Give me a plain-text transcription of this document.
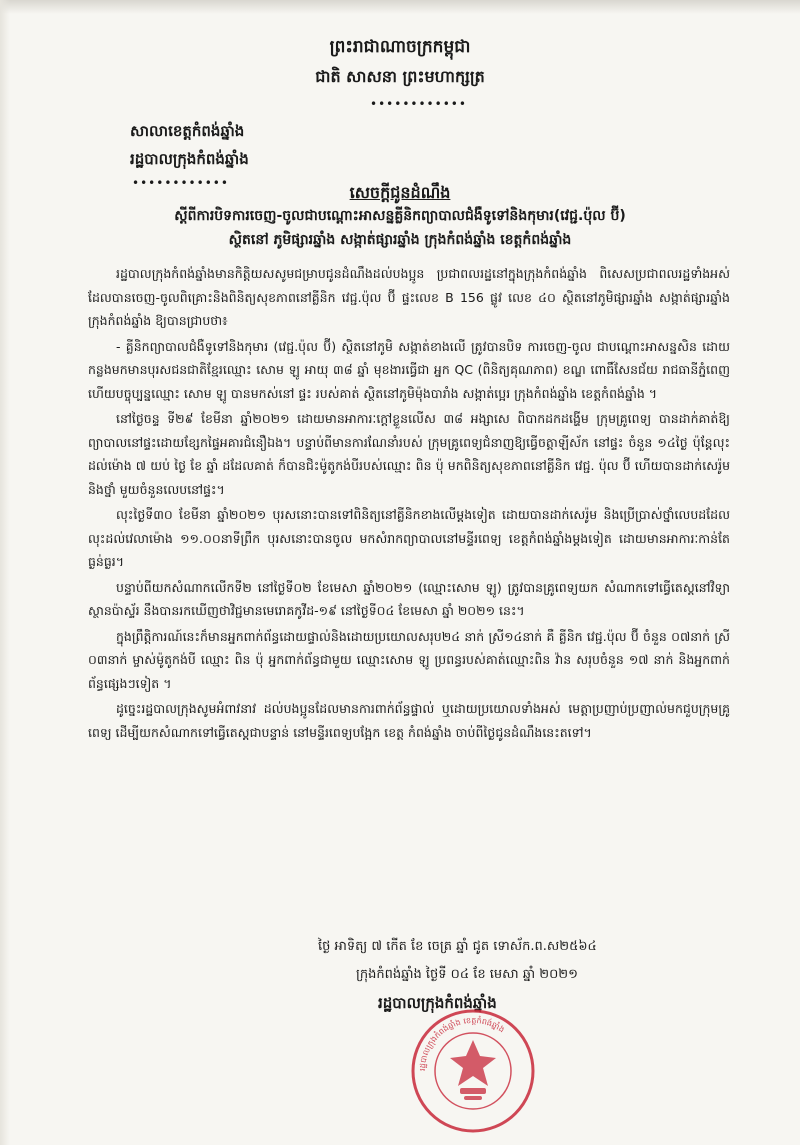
ព្រះរាជាណាចក្រកម្ពុជា
ជាតិ សាសនា ព្រះមហាក្សត្រ
••••••••••••
សាលាខេត្តកំពង់ឆ្នាំង
រដ្ឋបាលក្រុងកំពង់ឆ្នាំង
••••••••••••	សេចក្តីជូនដំណឹង
ស្តីពីការបិទការចេញ-ចូលជាបណ្ដោះអាសន្នគ្លីនិកព្យាបាលជំងឺទូទៅនិងកុមារ(វេជ្ជ.ប៉ុល ប៊ី)
ស្ថិតនៅ ភូមិផ្សារឆ្នាំង សង្កាត់ផ្សារឆ្នាំង ក្រុងកំពង់ឆ្នាំង ខេត្តកំពង់ឆ្នាំង

រដ្ឋបាលក្រុងកំពង់ឆ្នាំងមានកិត្តិយសសូមជម្រាបជូនដំណឹងដល់បងប្អូន ប្រជាពលរដ្ឋនៅក្នុងក្រុងកំពង់ឆ្នាំង ពិសេសប្រជាពលរដ្ឋទាំងអស់ ដែលបានចេញ-ចូលពិគ្រោះនិងពិនិត្យសុខភាពនៅគ្លីនិក វេជ្ជ.ប៉ុល ប៊ី ផ្ទះលេខ B 156 ផ្លូវ លេខ ៤០ ស្ថិតនៅភូមិផ្សារឆ្នាំង សង្កាត់ផ្សារឆ្នាំង ក្រុងកំពង់ឆ្នាំង ឱ្យបានជ្រាបថា៖

- គ្លីនិកព្យាបាលជំងឺទូទៅនិងកុមារ (វេជ្ជ.ប៉ុល ប៊ី) ស្ថិតនៅភូមិ សង្កាត់ខាងលើ ត្រូវបានបិទ ការចេញ-ចូល ជាបណ្ដោះអាសន្នសិន ដោយកន្លងមកមានបុរសជនជាតិខ្មែរឈ្មោះ សោម ឡូ អាយុ ៣៨ ឆ្នាំ មុខងារធ្វើជា អ្នក QC (ពិនិត្យគុណភាព) ខណ្ឌ ពោធិ៍សែនជ័យ រាជធានីភ្នំពេញ ហើយបច្ចុប្បន្នឈ្មោះ សោម ឡូ បានមកស់នៅ ផ្ទះ របស់គាត់ ស្ថិតនៅភូមិម៉ុងបារាំង សង្កាត់ប្អេរ ក្រុងកំពង់ឆ្នាំង ខេត្តកំពង់ឆ្នាំង ។

នៅថ្ងៃចន្ទ ទី២៩ ខែមីនា ឆ្នាំ២០២១ ដោយមានអាការៈក្តៅខ្លួនលើស ៣៨ អង្សាសេ ពិបាកដកដង្ហើម ក្រុមគ្រូពេទ្យ បានដាក់គាត់ឱ្យព្យាបាលនៅផ្ទះដោយខ្សែកផ្ទៃអគារជំនឿឯង។ បន្ទាប់ពីមានការណែនាំរបស់ ក្រុមគ្រូពេទ្យជំនាញឱ្យធ្វើចត្តាឡីស័ក នៅផ្ទះ ចំនួន ១៤ថ្ងៃ ប៉ុន្តែលុះដល់ម៉ោង ៧ យប់ ថ្ងៃ ខែ ឆ្នាំ ដដែលគាត់ ក៏បានជិះម៉ូតូកង់បីរបស់ឈ្មោះ ពិន ប៉ុ មកពិនិត្យសុខភាពនៅគ្លីនិក វេជ្ជ. ប៉ុល ប៊ី ហើយបានដាក់សេរ៉ូមនិងថ្នាំ មួយចំនួនលេបនៅផ្ទះ។

លុះថ្ងៃទី៣០ ខែមីនា ឆ្នាំ២០២១ បុរសនោះបានទៅពិនិត្យនៅគ្លីនិកខាងលើម្ដងទៀត ដោយបានដាក់សេរ៉ូម និងប្រើប្រាស់ថ្នាំលេបដដែល លុះដល់វេលាម៉ោង ១១.០០នាទីព្រឹក បុរសនោះបានចូល មកសំរាកព្យាបាលនៅមន្ទីរពេទ្យ ខេត្តកំពង់ឆ្នាំងម្ដងទៀត ដោយមានអាការៈកាន់តែធ្ងន់ធ្ងរ។

បន្ទាប់ពីយកសំណាកលើកទី២ នៅថ្ងៃទី០២ ខែមេសា ឆ្នាំ២០២១ (ឈ្មោះសោម ឡូ) ត្រូវបានគ្រូពេទ្យយក សំណាកទៅធ្វើតេស្តនៅវិទ្យាស្ថានប៉ាស្ទ័រ នឹងបានរកឃើញថាវិជ្ជមានមេរោគកូវីដ-១៩ នៅថ្ងៃទី០៤ ខែមេសា ឆ្នាំ ២០២១ នេះ។

ក្នុងព្រឹត្តិការណ៍នេះក៏មានអ្នកពាក់ព័ន្ធដោយផ្ទាល់និងដោយប្រយោលសរុប២៤ នាក់ ស្រី១៤នាក់ គឺ គ្លីនិក វេជ្ជ.ប៉ុល ប៊ី ចំនួន ០៧នាក់ ស្រី ០៣នាក់ ម្ចាស់ម៉ូតូកង់បី ឈ្មោះ ពិន ប៉ុ អ្នកពាក់ព័ន្ធជាមួយ ឈ្មោះសោម ឡូ ប្រពន្ធរបស់គាត់ឈ្មោះពិន វ៉ាន សរុបចំនួន ១៧ នាក់ និងអ្នកពាក់ព័ន្ធផ្សេងៗទៀត ។

ដូច្នេះរដ្ឋបាលក្រុងសូមអំពាវនាវ ដល់បងប្អូនដែលមានការពាក់ព័ន្ធផ្ទាល់ ឬដោយប្រយោលទាំងអស់ មេត្តាប្រញាប់ប្រញាល់មកជួបក្រុមគ្រូពេទ្យ ដើម្បីយកសំណាកទៅធ្វើតេស្តជាបន្ទាន់ នៅមន្ទីរពេទ្យបង្អែក ខេត្ត កំពង់ឆ្នាំង ចាប់ពីថ្ងៃជូនដំណឹងនេះតទៅ។

ថ្ងៃ អាទិត្យ ៧ កេីត ខែ ចេត្រ ឆ្នាំ ជូត ទោស័ក.ព.ស២៥៦៤
ក្រុងកំពង់ឆ្នាំង ថ្ងៃទី ០៤ ខែ មេសា ឆ្នាំ ២០២១
រដ្ឋបាលក្រុងកំពង់ឆ្នាំង
រដ្ឋបាលក្រុងកំពង់ឆ្នាំង ខេត្តកំពង់ឆ្នាំង
